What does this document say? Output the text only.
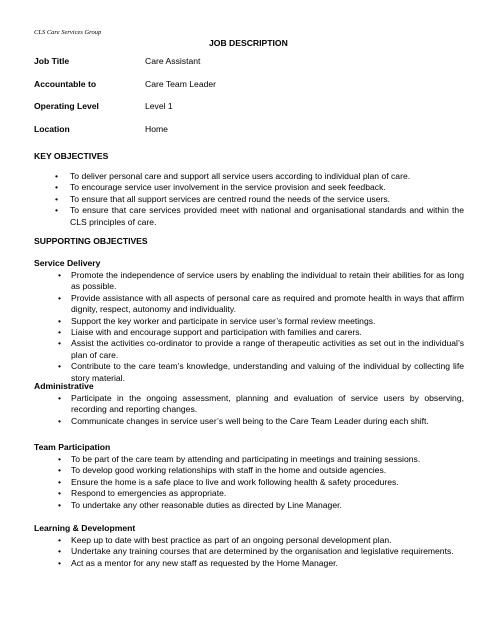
CLS Care Services Group
JOB DESCRIPTION
Job Title	Care Assistant
Accountable to	Care Team Leader
Operating Level	Level 1
Location	Home
KEY OBJECTIVES
• To deliver personal care and support all service users according to individual plan of care.
• To encourage service user involvement in the service provision and seek feedback.
• To ensure that all support services are centred round the needs of the service users.
• To ensure that care services provided meet with national and organisational standards and within the CLS principles of care.
SUPPORTING OBJECTIVES
Service Delivery
• Promote the independence of service users by enabling the individual to retain their abilities for as long as possible.
• Provide assistance with all aspects of personal care as required and promote health in ways that affirm dignity, respect, autonomy and individuality.
• Support the key worker and participate in service user’s formal review meetings.
• Liaise with and encourage support and participation with families and carers.
• Assist the activities co-ordinator to provide a range of therapeutic activities as set out in the individual’s plan of care.
• Contribute to the care team’s knowledge, understanding and valuing of the individual by collecting life story material.
Administrative
• Participate in the ongoing assessment, planning and evaluation of service users by observing, recording and reporting changes.
• Communicate changes in service user’s well being to the Care Team Leader during each shift.
Team Participation
• To be part of the care team by attending and participating in meetings and training sessions.
• To develop good working relationships with staff in the home and outside agencies.
• Ensure the home is a safe place to live and work following health & safety procedures.
• Respond to emergencies as appropriate.
• To undertake any other reasonable duties as directed by Line Manager.
Learning & Development
• Keep up to date with best practice as part of an ongoing personal development plan.
• Undertake any training courses that are determined by the organisation and legislative requirements.
• Act as a mentor for any new staff as requested by the Home Manager.
